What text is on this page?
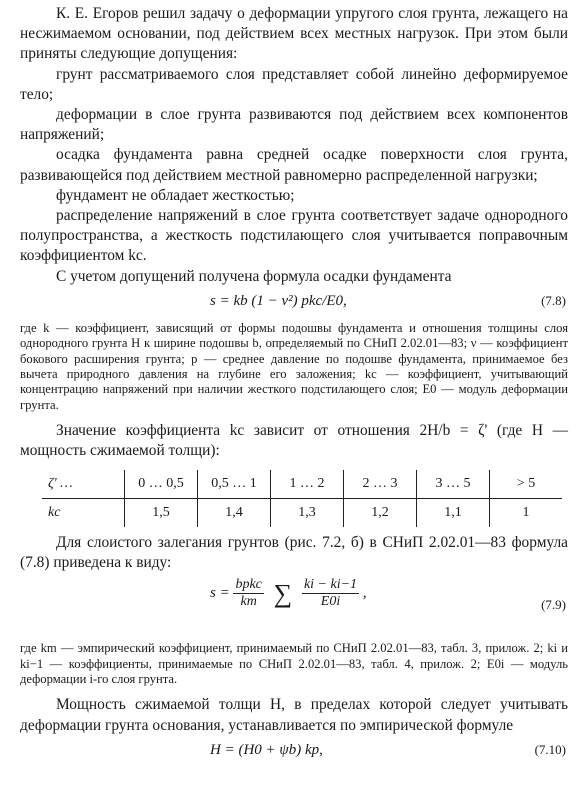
К. Е. Егоров решил задачу о деформации упругого слоя грунта, лежащего на несжимаемом основании, под действием всех местных нагрузок. При этом были приняты следующие допущения:

грунт рассматриваемого слоя представляет собой линейно деформируемое тело;

деформации в слое грунта развиваются под действием всех компонентов напряжений;

осадка фундамента равна средней осадке поверхности слоя грунта, развивающейся под действием местной равномерно распределенной нагрузки;

фундамент не обладает жесткостью;

распределение напряжений в слое грунта соответствует задаче однородного полупространства, а жесткость подстилающего слоя учитывается поправочным коэффициентом kc.

С учетом допущений получена формула осадки фундамента

s = kb (1 − ν²) pkc/E0,	(7.8)

где k — коэффициент, зависящий от формы подошвы фундамента и отношения толщины слоя однородного грунта H к ширине подошвы b, определяемый по СНиП 2.02.01—83; ν — коэффициент бокового расширения грунта; p — среднее давление по подошве фундамента, принимаемое без вычета природного давления на глубине его заложения; kc — коэффициент, учитывающий концентрацию напряжений при наличии жесткого подстилающего слоя; E0 — модуль деформации грунта.

Значение коэффициента kc зависит от отношения 2H/b = ζ' (где H — мощность сжимаемой толщи):

ζ' …	0 … 0,5	0,5 … 1	1 … 2	2 … 3	3 … 5	> 5
kc	1,5	1,4	1,3	1,2	1,1	1

Для слоистого залегания грунтов (рис. 7.2, б) в СНиП 2.02.01—83 формула (7.8) приведена к виду:

$s = \frac{\text{bpkc}}{km}$ ∑ $\frac{ki - ki-1}{E0i}$ ,
(7.9)

где km — эмпирический коэффициент, принимаемый по СНиП 2.02.01—83, табл. 3, прилож. 2; ki и ki−1 — коэффициенты, принимаемые по СНиП 2.02.01—83, табл. 4, прилож. 2; E0i — модуль деформации i-го слоя грунта.

Мощность сжимаемой толщи H, в пределах которой следует учитывать деформации грунта основания, устанавливается по эмпирической формуле

H = (H0 + ψb) kp,	(7.10)
